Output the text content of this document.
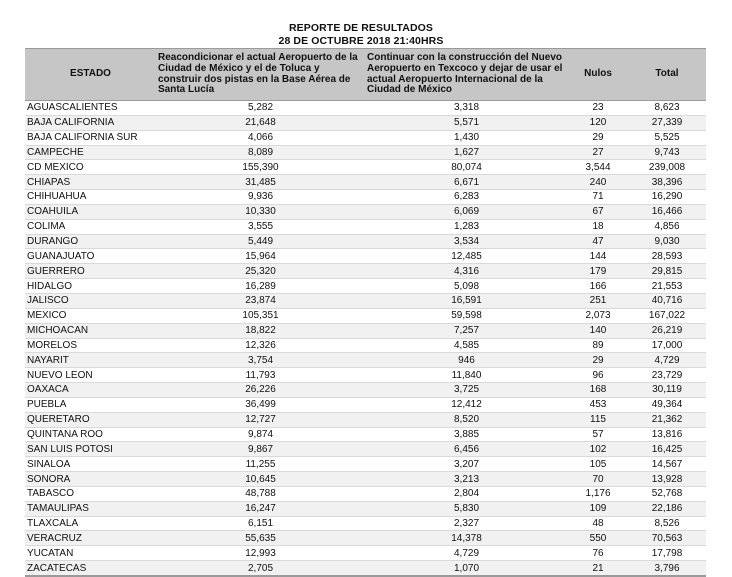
REPORTE DE RESULTADOS
28 DE OCTUBRE 2018 21:40HRS
ESTADO	Reacondicionar el actual Aeropuerto de la Ciudad de México y el de Toluca y construir dos pistas en la Base Aérea de Santa Lucía	Continuar con la construcción del Nuevo Aeropuerto en Texcoco y dejar de usar el actual Aeropuerto Internacional de la Ciudad de México	Nulos	Total
AGUASCALIENTES	5,282	3,318	23	8,623
BAJA CALIFORNIA	21,648	5,571	120	27,339
BAJA CALIFORNIA SUR	4,066	1,430	29	5,525
CAMPECHE	8,089	1,627	27	9,743
CD MEXICO	155,390	80,074	3,544	239,008
CHIAPAS	31,485	6,671	240	38,396
CHIHUAHUA	9,936	6,283	71	16,290
COAHUILA	10,330	6,069	67	16,466
COLIMA	3,555	1,283	18	4,856
DURANGO	5,449	3,534	47	9,030
GUANAJUATO	15,964	12,485	144	28,593
GUERRERO	25,320	4,316	179	29,815
HIDALGO	16,289	5,098	166	21,553
JALISCO	23,874	16,591	251	40,716
MEXICO	105,351	59,598	2,073	167,022
MICHOACAN	18,822	7,257	140	26,219
MORELOS	12,326	4,585	89	17,000
NAYARIT	3,754	946	29	4,729
NUEVO LEON	11,793	11,840	96	23,729
OAXACA	26,226	3,725	168	30,119
PUEBLA	36,499	12,412	453	49,364
QUERETARO	12,727	8,520	115	21,362
QUINTANA ROO	9,874	3,885	57	13,816
SAN LUIS POTOSI	9,867	6,456	102	16,425
SINALOA	11,255	3,207	105	14,567
SONORA	10,645	3,213	70	13,928
TABASCO	48,788	2,804	1,176	52,768
TAMAULIPAS	16,247	5,830	109	22,186
TLAXCALA	6,151	2,327	48	8,526
VERACRUZ	55,635	14,378	550	70,563
YUCATAN	12,993	4,729	76	17,798
ZACATECAS	2,705	1,070	21	3,796
